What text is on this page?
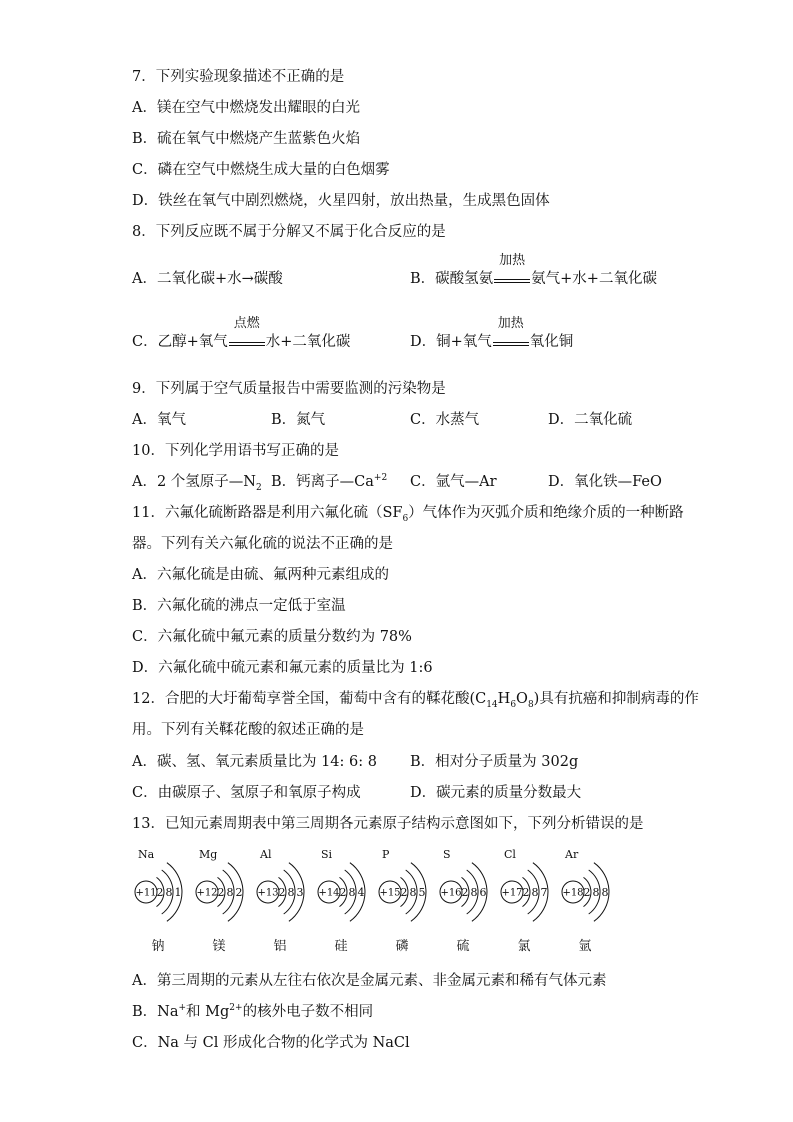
7．下列实验现象描述不正确的是
A．镁在空气中燃烧发出耀眼的白光
B．硫在氧气中燃烧产生蓝紫色火焰
C．磷在空气中燃烧生成大量的白色烟雾
D．铁丝在氧气中剧烈燃烧，火星四射，放出热量，生成黑色固体
8．下列反应既不属于分解又不属于化合反应的是
A．二氧化碳+水→碳酸	B．碳酸氢氨
加热
氨气+水+二氧化碳
C．乙醇+氧气
点燃
水+二氧化碳	D．铜+氧气
加热
氧化铜
9．下列属于空气质量报告中需要监测的污染物是
A．氧气	B．氮气	C．水蒸气	D．二氧化硫
10．下列化学用语书写正确的是
A．2 个氢原子$—N_2$ B．钙离子$—Ca^{+2}$ C．氩气—Ar	D．氧化铁—FeO
11．六氟化硫断路器是利用六氟化硫$(SF_6)$气体作为灭弧介质和绝缘介质的一种断路
器。下列有关六氟化硫的说法不正确的是
A．六氟化硫是由硫、氟两种元素组成的
B．六氟化硫的沸点一定低于室温
C．六氟化硫中氟元素的质量分数约为 78%
D．六氟化硫中硫元素和氟元素的质量比为 1:6
12．合肥的大圩葡萄享誉全国，葡萄中含有的鞣花酸$(C_{14}H_6O_8)$具有抗癌和抑制病毒的作
用。下列有关鞣花酸的叙述正确的是
A．碳、氢、氧元素质量比为 14: 6: 8 B．相对分子质量为 302g
C．由碳原子、氢原子和氧原子构成	D．碳元素的质量分数最大
13．已知元素周期表中第三周期各元素原子结构示意图如下，下列分析错误的是
Na
+11 2 8 1
钠
Mg
+12 2 8 2
镁
Al
+13 2 8 3
铝
Si
+14 2 8 4
硅
P
+15 2 8 5
磷
S
+16 2 8 6
硫
Cl
+17 2 8 7
氯
Ar
+18 2 8 8
氩
A．第三周期的元素从左往右依次是金属元素、非金属元素和稀有气体元素
B．Na+和 $Mg^{2+}$的核外电子数不相同
C．Na 与 Cl 形成化合物的化学式为 NaCl
